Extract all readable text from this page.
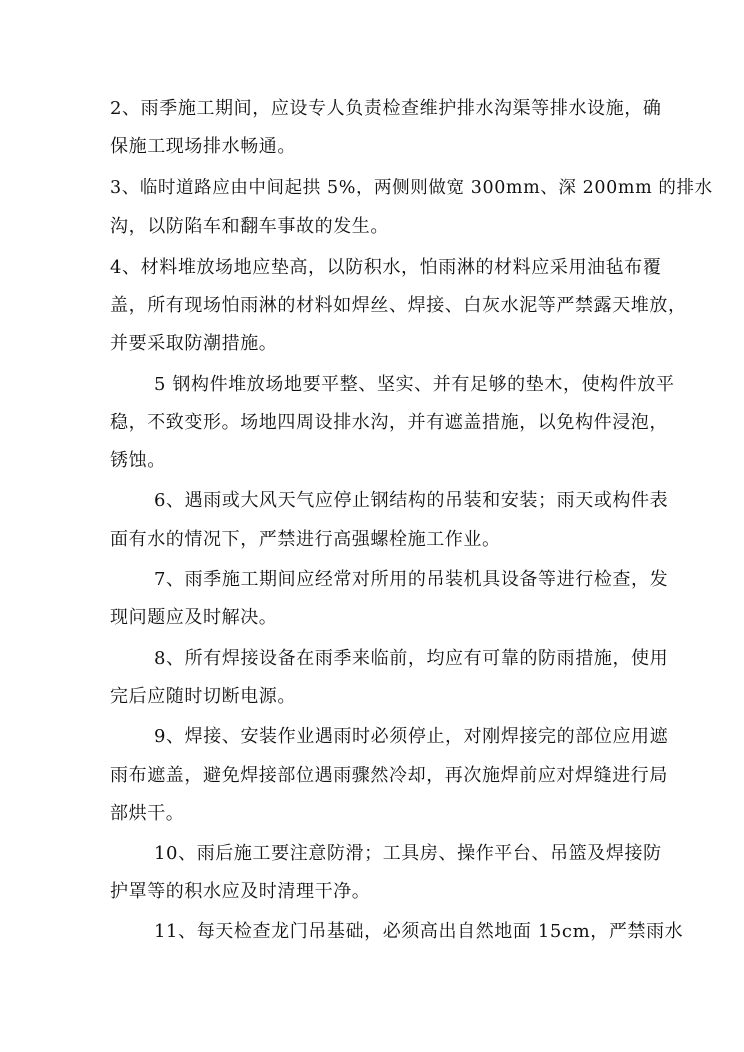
2、雨季施工期间，应设专人负责检查维护排水沟渠等排水设施，确
保施工现场排水畅通。
3、临时道路应由中间起拱 5%，两侧则做宽 300mm、深 200mm 的排水
沟，以防陷车和翻车事故的发生。
4、材料堆放场地应垫高，以防积水，怕雨淋的材料应采用油毡布覆
盖，所有现场怕雨淋的材料如焊丝、焊接、白灰水泥等严禁露天堆放，
并要采取防潮措施。
5 钢构件堆放场地要平整、坚实、并有足够的垫木，使构件放平
稳，不致变形。场地四周设排水沟，并有遮盖措施，以免构件浸泡，
锈蚀。
6、遇雨或大风天气应停止钢结构的吊装和安装；雨天或构件表
面有水的情况下，严禁进行高强螺栓施工作业。
7、雨季施工期间应经常对所用的吊装机具设备等进行检查，发
现问题应及时解决。
8、所有焊接设备在雨季来临前，均应有可靠的防雨措施，使用
完后应随时切断电源。
9、焊接、安装作业遇雨时必须停止，对刚焊接完的部位应用遮
雨布遮盖，避免焊接部位遇雨骤然冷却，再次施焊前应对焊缝进行局
部烘干。
10、雨后施工要注意防滑；工具房、操作平台、吊篮及焊接防
护罩等的积水应及时清理干净。
11、每天检查龙门吊基础，必须高出自然地面 15cm，严禁雨水
